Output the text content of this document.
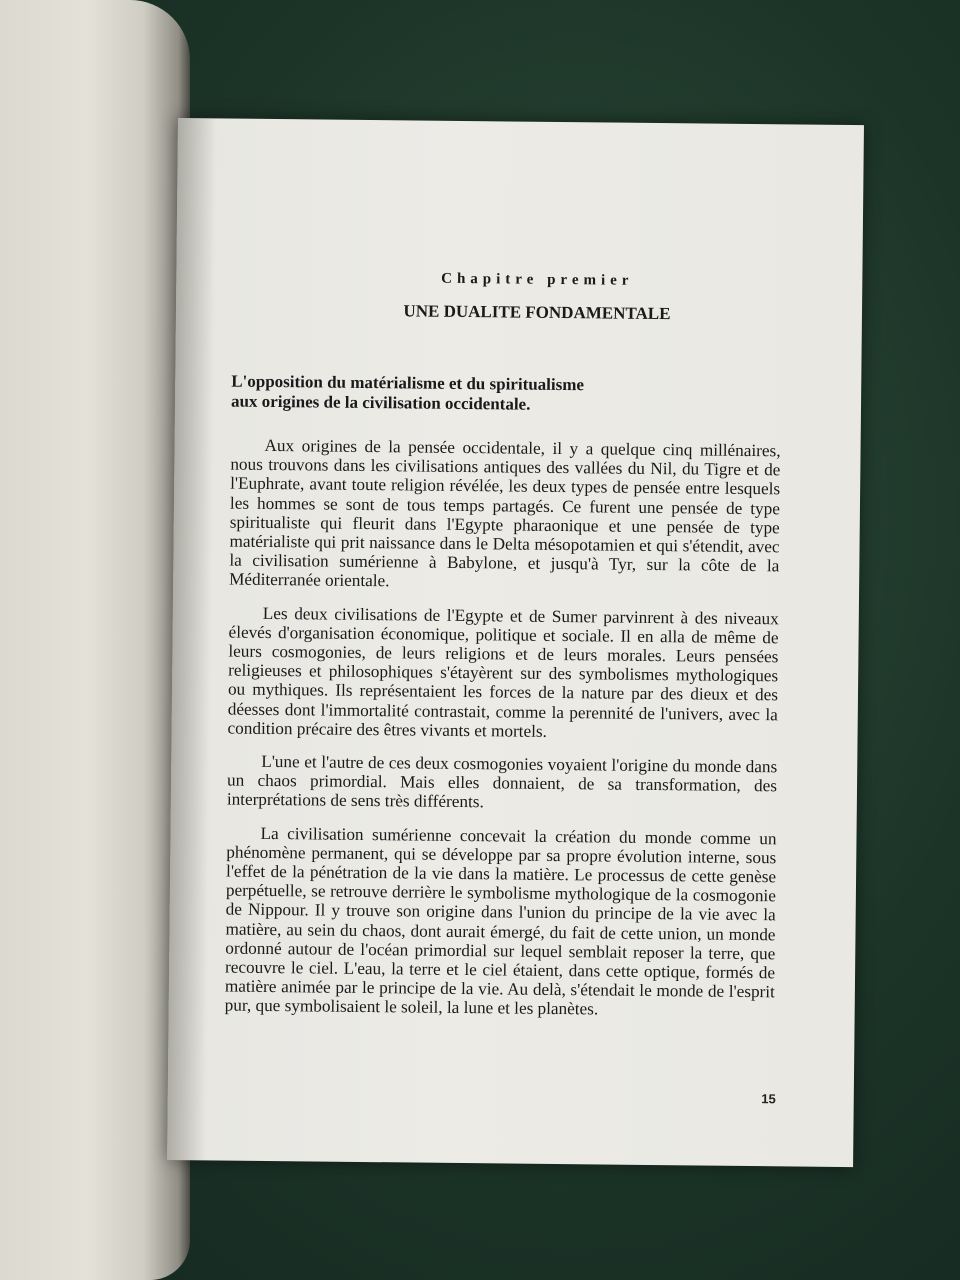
Chapitre premier
UNE DUALITE FONDAMENTALE
L'opposition du matérialisme et du spiritualisme
aux origines de la civilisation occidentale.

Aux origines de la pensée occidentale, il y a quelque cinq millénaires, nous trouvons dans les civilisations antiques des vallées du Nil, du Tigre et de l'Euphrate, avant toute religion révélée, les deux types de pensée entre lesquels les hommes se sont de tous temps partagés. Ce furent une pensée de type spiritualiste qui fleurit dans l'Egypte pharaonique et une pensée de type matérialiste qui prit naissance dans le Delta mésopotamien et qui s'étendit, avec la civilisation sumérienne à Babylone, et jusqu'à Tyr, sur la côte de la Méditerranée orientale.

Les deux civilisations de l'Egypte et de Sumer parvinrent à des niveaux élevés d'organisation économique, politique et sociale. Il en alla de même de leurs cosmogonies, de leurs religions et de leurs morales. Leurs pensées religieuses et philosophiques s'étayèrent sur des symbolismes mythologiques ou mythiques. Ils représentaient les forces de la nature par des dieux et des déesses dont l'immortalité contrastait, comme la perennité de l'univers, avec la condition précaire des êtres vivants et mortels.

L'une et l'autre de ces deux cosmogonies voyaient l'origine du monde dans un chaos primordial. Mais elles donnaient, de sa transformation, des interprétations de sens très différents.

La civilisation sumérienne concevait la création du monde comme un phénomène permanent, qui se développe par sa propre évolution interne, sous l'effet de la pénétration de la vie dans la matière. Le processus de cette genèse perpétuelle, se retrouve derrière le symbolisme mythologique de la cosmogonie de Nippour. Il y trouve son origine dans l'union du principe de la vie avec la matière, au sein du chaos, dont aurait émergé, du fait de cette union, un monde ordonné autour de l'océan primordial sur lequel semblait reposer la terre, que recouvre le ciel. L'eau, la terre et le ciel étaient, dans cette optique, formés de matière animée par le principe de la vie. Au delà, s'étendait le monde de l'esprit pur, que symbolisaient le soleil, la lune et les planètes.

15
